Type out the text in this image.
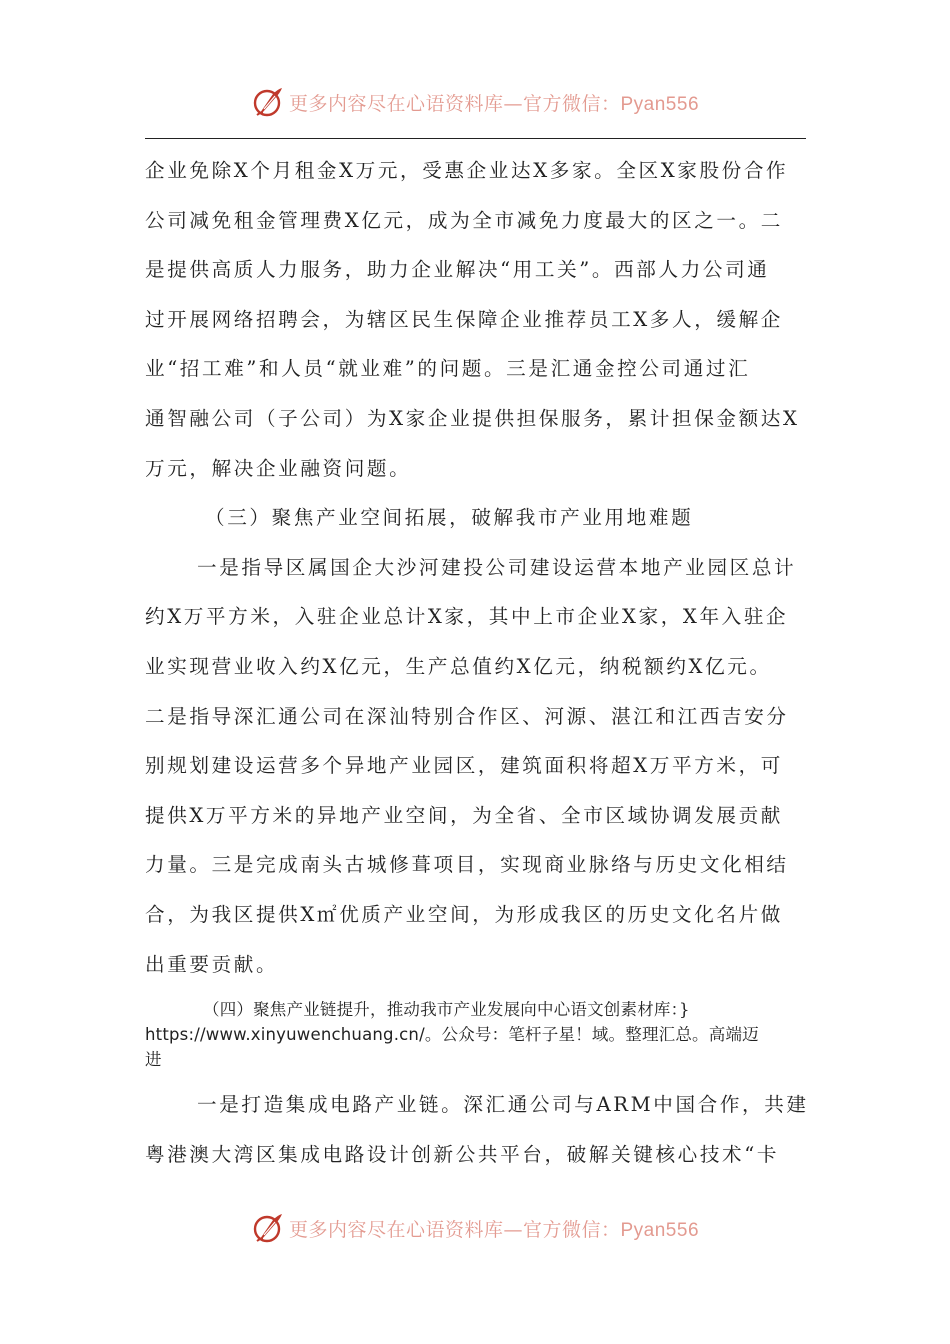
更多内容尽在心语资料库—官方微信：Pyan556
企业免除X个月租金X万元，受惠企业达X多家。全区X家股份合作
公司减免租金管理费X亿元，成为全市减免力度最大的区之一。二
是提供高质人力服务，助力企业解决“用工关”。西部人力公司通
过开展网络招聘会，为辖区民生保障企业推荐员工X多人，缓解企
业“招工难”和人员“就业难”的问题。三是汇通金控公司通过汇
通智融公司（子公司）为X家企业提供担保服务，累计担保金额达X
万元，解决企业融资问题。
（三）聚焦产业空间拓展，破解我市产业用地难题
一是指导区属国企大沙河建投公司建设运营本地产业园区总计
约X万平方米，入驻企业总计X家，其中上市企业X家，X年入驻企
业实现营业收入约X亿元，生产总值约X亿元，纳税额约X亿元。
二是指导深汇通公司在深汕特别合作区、河源、湛江和江西吉安分
别规划建设运营多个异地产业园区，建筑面积将超X万平方米，可
提供X万平方米的异地产业空间，为全省、全市区域协调发展贡献
力量。三是完成南头古城修葺项目，实现商业脉络与历史文化相结
合，为我区提供X㎡优质产业空间，为形成我区的历史文化名片做
出重要贡献。
（四）聚焦产业链提升，推动我市产业发展向中心语文创素材库：}
https://www.xinyuwenchuang.cn/。公众号：笔杆子星！域。整理汇总。高端迈
进
一是打造集成电路产业链。深汇通公司与ARM中国合作，共建
粤港澳大湾区集成电路设计创新公共平台，破解关键核心技术“卡
更多内容尽在心语资料库—官方微信：Pyan556
